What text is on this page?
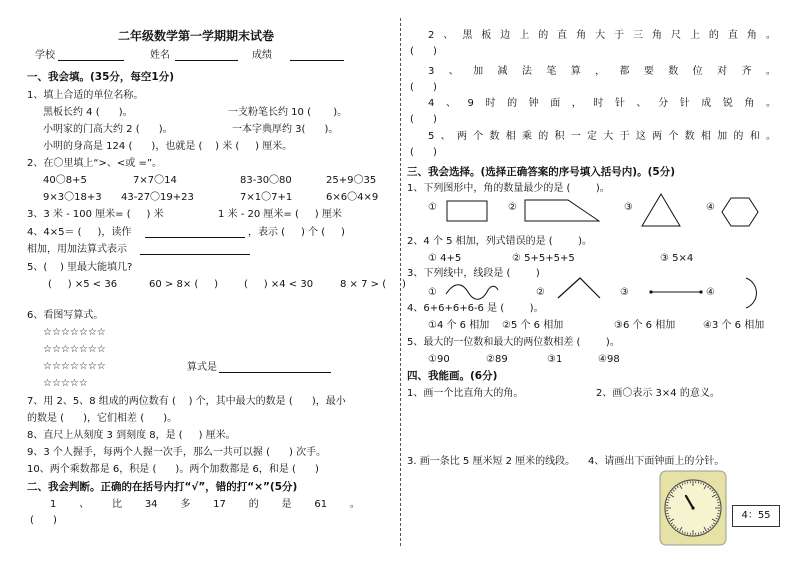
二年级数学第一学期期末试卷
学校	姓名	成绩
一、我会填。(35分，每空1分)
1、填上合适的单位名称。
黑板长约 4 (      )。	一支粉笔长约 10 (       )。
小明家的门高大约 2 (      )。	一本字典厚约 3(      )。
小明的身高是 124 (      )，也就是 (    ) 米 (     ) 厘米。
2、在〇里填上“>、<或 =”。
40〇8+5	7×7〇14	83-30〇80	25+9〇35
9×3〇18+3 43-27〇19+23	7×1〇7+1	6×6〇4×9
3、3 米 - 100 厘米= (     ) 米	1 米 - 20 厘米= (     ) 厘米
4、4×5＝ (     )，读作	，表示 (     ) 个 (     )
相加，用加法算式表示
5、(    ) 里最大能填几?
(     ) ×5 < 36	60 > 8× (     )	(     ) ×4 < 30	8 × 7 > (     )
6、看图写算式。
☆☆☆☆☆☆☆
☆☆☆☆☆☆☆
☆☆☆☆☆☆☆
☆☆☆☆☆
算式是
7、用 2、5、8 组成的两位数有 (    ) 个，其中最大的数是 (      )，最小
的数是 (      )，它们相差 (      )。
8、直尺上从刻度 3 到刻度 8，是 (     ) 厘米。
9、3 个人握手，每两个人握一次手，那么一共可以握 (      ) 次手。
10、两个乘数都是 6，积是 (      )。两个加数都是 6，和是 (      )
二、我会判断。正确的在括号内打“√”，错的打“×”(5分)
1 、 比 34 多 17 的 是 61 。
(      )
2 、 黑 板 边 上 的 直 角 大 于 三 角 尺 上 的 直 角 。
(      )
3 、 加 减 法 笔 算 ， 都 要 数 位 对 齐 。
(      )
4 、 9 时 的 钟 面 ， 时 针 、 分 针 成 锐 角 。
(      )
5 、 两 个 数 相 乘 的 积 一 定 大 于 这 两 个 数 相 加 的 和 。
(      )
三、我会选择。(选择正确答案的序号填入括号内)。(5分)
1、下列图形中，角的数量最少的是 (        )。
①	②	③	④
2、4 个 5 相加，列式错误的是 (        )。
① 4+5	② 5+5+5+5	③ 5×4
3、下列线中，线段是 (        )
①	②	③	④
4、6+6+6+6-6 是 (        )。
①4 个 6 相加 ②5 个 6 相加	③6 个 6 相加	④3 个 6 相加
5、最大的一位数和最大的两位数相差 (        )。
①90	②89	③1	④98
四、我能画。(6分)
1、画一个比直角大的角。	2、画〇表示 3×4 的意义。
3. 画一条比 5 厘米短 2 厘米的线段。 4、请画出下面钟面上的分针。
4：55
